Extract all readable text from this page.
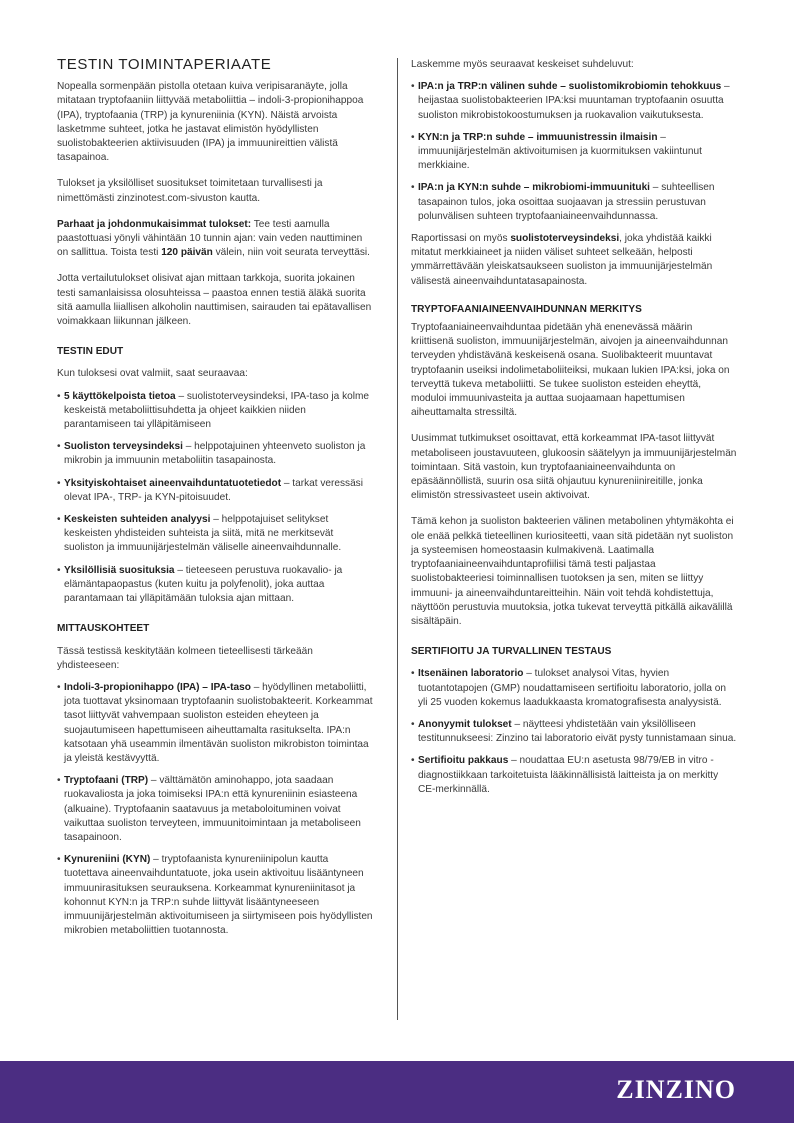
TESTIN TOIMINTAPERIAATE

Nopealla sormenpään pistolla otetaan kuiva veripisaranäyte, jolla mitataan tryptofaaniin liittyvää metaboliittia – indoli-3-propionihappoa (IPA), tryptofaania (TRP) ja kynureniinia (KYN). Näistä arvoista lasketmme suhteet, jotka he jastavat elimistön hyödyllisten suolistobakteerien aktiivisuuden (IPA) ja immuunireittien välistä tasapainoa.

Tulokset ja yksilölliset suositukset toimitetaan turvallisesti ja nimettömästi zinzinotest.com-sivuston kautta.

Parhaat ja johdonmukaisimmat tulokset: Tee testi aamulla paastottuasi yönyli vähintään 10 tunnin ajan: vain veden nauttiminen on sallittua. Toista testi 120 päivän välein, niin voit seurata terveyttäsi.

Jotta vertailutulokset olisivat ajan mittaan tarkkoja, suorita jokainen testi samanlaisissa olosuhteissa – paastoa ennen testiä äläkä suorita sitä aamulla liiallisen alkoholin nauttimisen, sairauden tai epätavallisen voimakkaan liikunnan jälkeen.

TESTIN EDUT

Kun tuloksesi ovat valmiit, saat seuraavaa:

• 5 käyttökelpoista tietoa – suolistoterveysindeksi, IPA-taso ja kolme keskeistä metaboliittisuhdetta ja ohjeet kaikkien niiden parantamiseen tai ylläpitämiseen
• Suoliston terveysindeksi – helppotajuinen yhteenveto suoliston ja mikrobin ja immuunin metaboliitin tasapainosta.
• Yksityiskohtaiset aineenvaihduntatuotetiedot – tarkat veressäsi olevat IPA-, TRP- ja KYN-pitoisuudet.
• Keskeisten suhteiden analyysi – helppotajuiset selitykset keskeisten yhdisteiden suhteista ja siitä, mitä ne merkitsevät suoliston ja immuunijärjestelmän väliselle aineenvaihdunnalle.
• Yksilöllisiä suosituksia – tieteeseen perustuva ruokavalio- ja elämäntapaopastus (kuten kuitu ja polyfenolit), joka auttaa parantamaan tai ylläpitämään tuloksia ajan mittaan.
MITTAUSKOHTEET

Tässä testissä keskitytään kolmeen tieteellisesti tärkeään yhdisteeseen:

• Indoli-3-propionihappo (IPA) – IPA-taso – hyödyllinen metaboliitti, jota tuottavat yksinomaan tryptofaanin suolistobakteerit. Korkeammat tasot liittyvät vahvempaan suoliston esteiden eheyteen ja suojautumiseen hapettumiseen aiheuttamalta rasitukselta. IPA:n katsotaan yhä useammin ilmentävän suoliston mikrobiston toimintaa ja yleistä kestävyyttä.
• Tryptofaani (TRP) – välttämätön aminohappo, jota saadaan ruokavaliosta ja joka toimiseksi IPA:n että kynureniinin esiasteena (alkuaine). Tryptofaanin saatavuus ja metaboloituminen voivat vaikuttaa suoliston terveyteen, immuunitoimintaan ja metaboliseen tasapainoon.
• Kynureniini (KYN) – tryptofaanista kynureniinipolun kautta tuotettava aineenvaihduntatuote, joka usein aktivoituu lisääntyneen immuunirasituksen seurauksena. Korkeammat kynureniinitasot ja kohonnut KYN:n ja TRP:n suhde liittyvät lisääntyneeseen immuunijärjestelmän aktivoitumiseen ja siirtymiseen pois hyödyllisten mikrobien metaboliittien tuotannosta.

Laskemme myös seuraavat keskeiset suhdeluvut:

• IPA:n ja TRP:n välinen suhde – suolistomikrobiomin tehokkuus – heijastaa suolistobakteerien IPA:ksi muuntaman tryptofaanin osuutta suoliston mikrobistokoostumuksen ja ruokavalion vaikutuksesta.
• KYN:n ja TRP:n suhde – immuunistressin ilmaisin – immuunijärjestelmän aktivoitumisen ja kuormituksen vakiintunut merkkiaine.
• IPA:n ja KYN:n suhde – mikrobiomi-immuunituki – suhteellisen tasapainon tulos, joka osoittaa suojaavan ja stressiin perustuvan polunvälisen suhteen tryptofaaniaineenvaihdunnassa.

Raportissasi on myös suolistoterveysindeksi, joka yhdistää kaikki mitatut merkkiaineet ja niiden väliset suhteet selkeään, helposti ymmärrettävään yleiskatsaukseen suoliston ja immuunijärjestelmän välisestä aineenvaihduntatasapainosta.

TRYPTOFAANIAINEENVAIHDUNNAN MERKITYS

Tryptofaaniaineenvaihduntaa pidetään yhä enenevässä määrin kriittisenä suoliston, immuunijärjestelmän, aivojen ja aineenvaihdunnan terveyden yhdistävänä keskeisenä osana. Suolibakteerit muuntavat tryptofaanin useiksi indolimetaboliiteiksi, mukaan lukien IPA:ksi, joka on terveyttä tukeva metaboliitti. Se tukee suoliston esteiden eheyttä, moduloi immuunivasteita ja auttaa suojaamaan hapettumisen aiheuttamalta stressiltä.

Uusimmat tutkimukset osoittavat, että korkeammat IPA-tasot liittyvät metaboliseen joustavuuteen, glukoosin säätelyyn ja immuunijärjestelmän toimintaan. Sitä vastoin, kun tryptofaaniaineenvaihdunta on epäsäännöllistä, suurin osa siitä ohjautuu kynureniinireitille, jonka elimistön stressivasteet usein aktivoivat.

Tämä kehon ja suoliston bakteerien välinen metabolinen yhtymäkohta ei ole enää pelkkä tieteellinen kuriositeetti, vaan sitä pidetään nyt suoliston ja systeemisen homeostaasin kulmakivenä. Laatimalla tryptofaaniaineenvaihduntaprofiilisi tämä testi paljastaa suolistobakteeriesi toiminnallisen tuotoksen ja sen, miten se liittyy immuuni- ja aineenvaihduntareitteihin. Näin voit tehdä kohdistettuja, näyttöön perustuvia muutoksia, jotka tukevat terveyttä pitkällä aikavälillä sisältäpäin.

SERTIFIOITU JA TURVALLINEN TESTAUS
• Itsenäinen laboratorio – tulokset analysoi Vitas, hyvien tuotantotapojen (GMP) noudattamiseen sertifioitu laboratorio, jolla on yli 25 vuoden kokemus laadukkaasta kromatografisesta analyysistä.
• Anonyymit tulokset – näytteesi yhdistetään vain yksilölliseen testitunnukseesi: Zinzino tai laboratorio eivät pysty tunnistamaan sinua.
• Sertifioitu pakkaus – noudattaa EU:n asetusta 98/79/EB in vitro -diagnostiikkaan tarkoitetuista lääkinnällisistä laitteista ja on merkitty CE-merkinnällä.
ZINZINO
